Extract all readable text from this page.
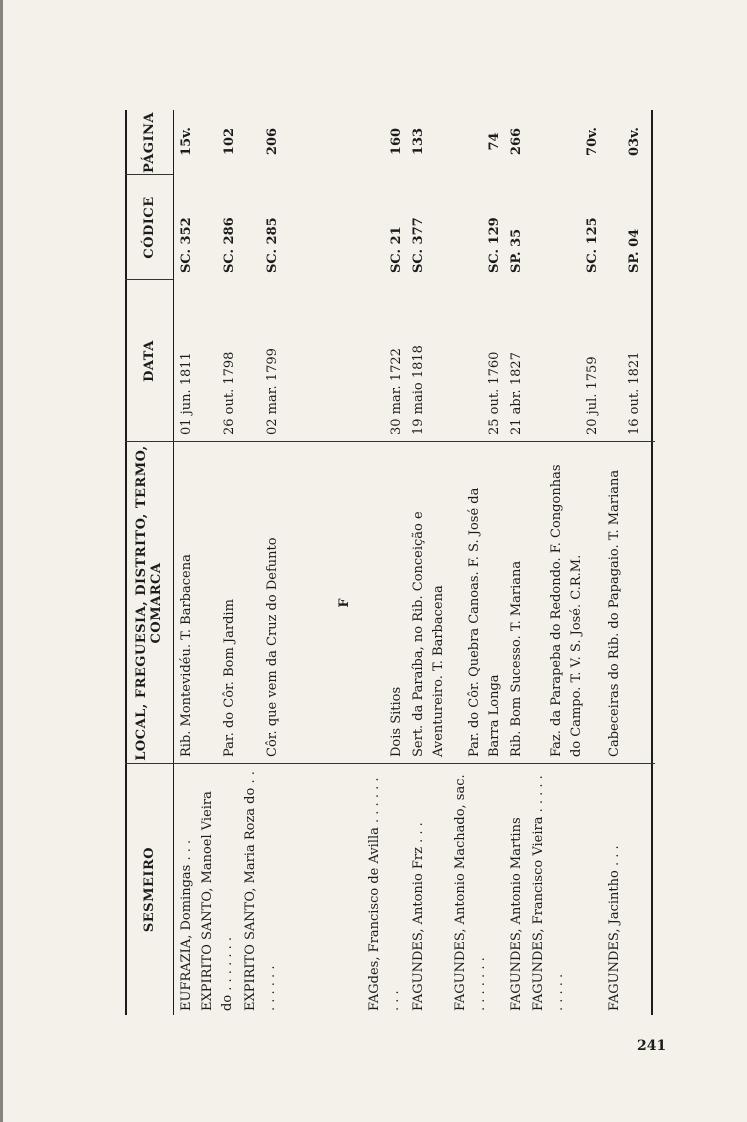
SESMEIRO
LOCAL, FREGUESIA, DISTRITO, TERMO, COMARCA
DATA
CÓDICE
PÁGINA
EUFRAZIA, Domingas . . .
Rib. Montevidéu. T. Barbacena
01 jun. 1811
SC. 352
15v.
EXPIRITO SANTO, Manoel Vieira do . . . . . . .
Par. do Côr. Bom Jardim
26 out. 1798
SC. 286
102
EXPIRITO SANTO, Maria Roza do . . . . . . . .
Côr. que vem da Cruz do Defunto
02 mar. 1799
SC. 285
206
F
FAGdes, Francisco de Avilla . . . . . . . . .
Dois Sitios
30 mar. 1722
SC. 21
160
FAGUNDES, Antonio Frz . . .
Sert. da Paraíba, no Rib. Conceição e Aventureiro. T. Barbacena
19 maio 1818
SC. 377
133
FAGUNDES, Antonio Machado, sac. . . . . . . .
Par. do Côr. Quebra Canoas. F. S. José da Barra Longa
25 out. 1760
SC. 129
74
FAGUNDES, Antonio Martins
Rib. Bom Sucesso. T. Mariana
21 abr. 1827
SP. 35
266
FAGUNDES, Francisco Vieira . . . . . . . . . .
Faz. da Parapeba do Redondo. F. Congonhas do Campo. T. V. S. José. C.R.M.
20 jul. 1759
SC. 125
70v.
FAGUNDES, Jacintho . . .
Cabeceiras do Rib. do Papagaio. T. Mariana
16 out. 1821
SP. 04
03v.
241
